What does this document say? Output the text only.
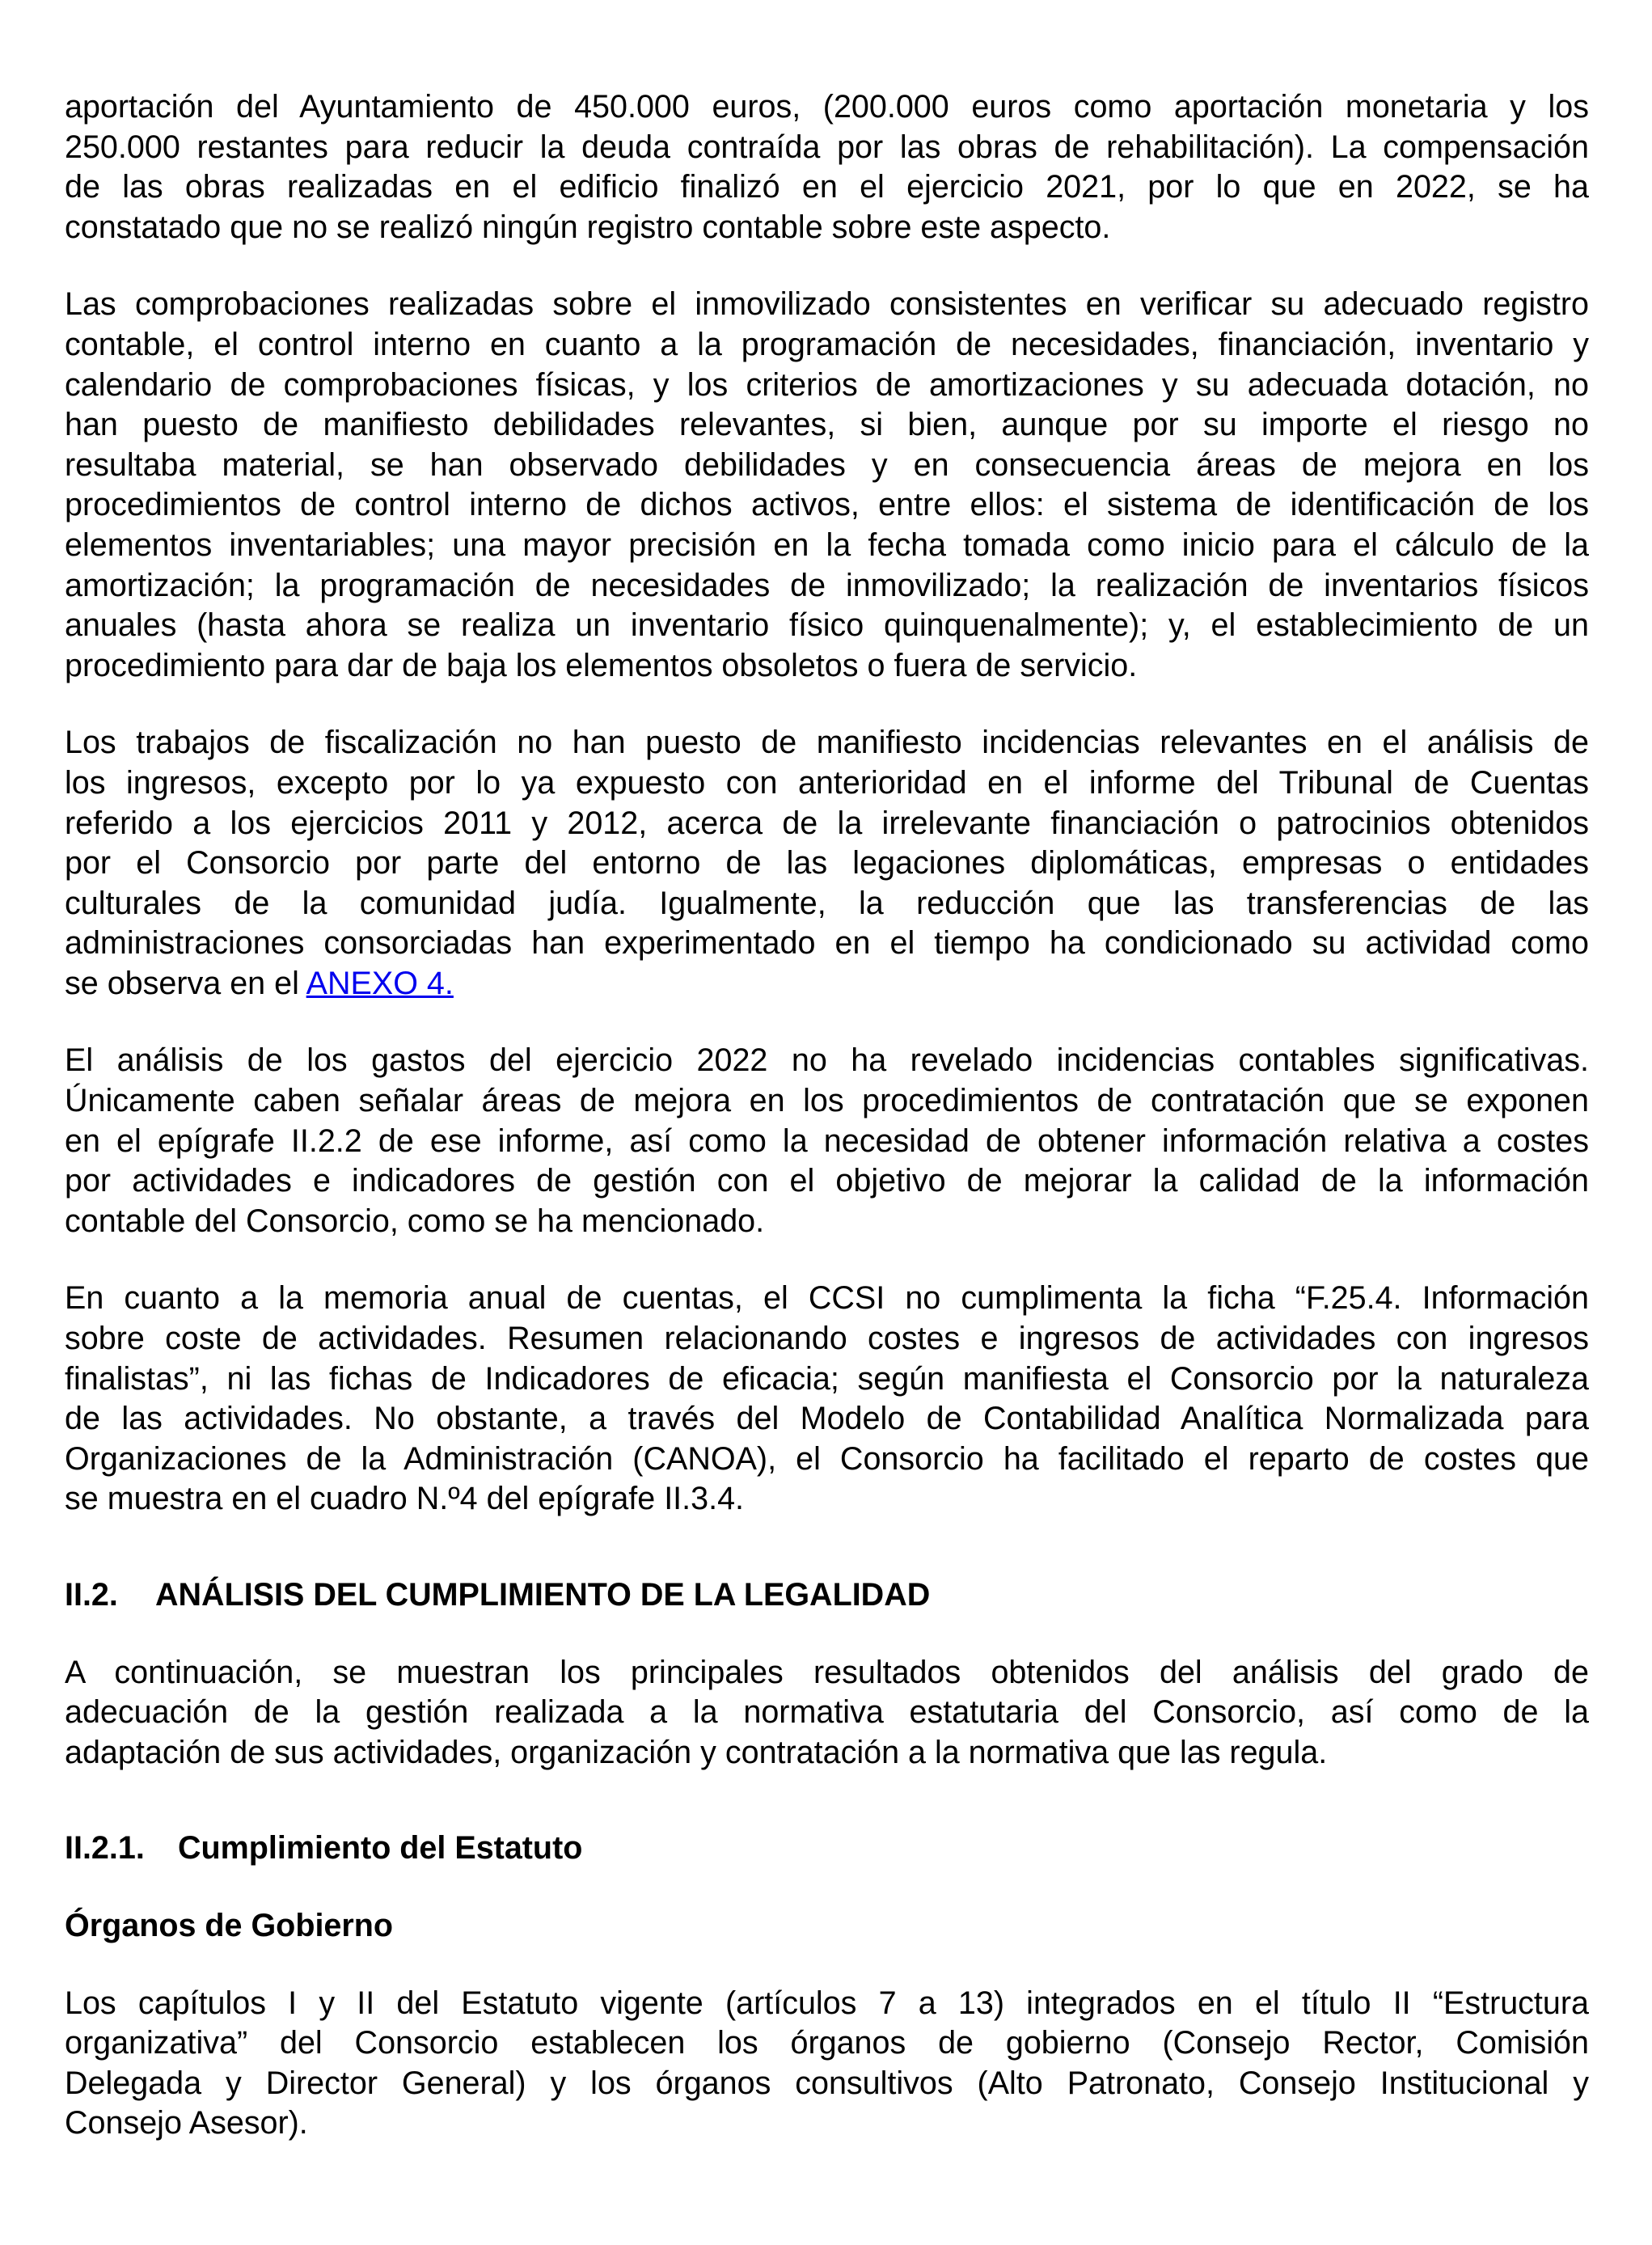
aportación del Ayuntamiento de 450.000 euros, (200.000 euros como aportación monetaria y los
250.000 restantes para reducir la deuda contraída por las obras de rehabilitación). La compensación
de las obras realizadas en el edificio finalizó en el ejercicio 2021, por lo que en 2022, se ha
constatado que no se realizó ningún registro contable sobre este aspecto.
Las comprobaciones realizadas sobre el inmovilizado consistentes en verificar su adecuado registro
contable, el control interno en cuanto a la programación de necesidades, financiación, inventario y
calendario de comprobaciones físicas, y los criterios de amortizaciones y su adecuada dotación, no
han puesto de manifiesto debilidades relevantes, si bien, aunque por su importe el riesgo no
resultaba material, se han observado debilidades y en consecuencia áreas de mejora en los
procedimientos de control interno de dichos activos, entre ellos: el sistema de identificación de los
elementos inventariables; una mayor precisión en la fecha tomada como inicio para el cálculo de la
amortización; la programación de necesidades de inmovilizado; la realización de inventarios físicos
anuales (hasta ahora se realiza un inventario físico quinquenalmente); y, el establecimiento de un
procedimiento para dar de baja los elementos obsoletos o fuera de servicio.
Los trabajos de fiscalización no han puesto de manifiesto incidencias relevantes en el análisis de
los ingresos, excepto por lo ya expuesto con anterioridad en el informe del Tribunal de Cuentas
referido a los ejercicios 2011 y 2012, acerca de la irrelevante financiación o patrocinios obtenidos
por el Consorcio por parte del entorno de las legaciones diplomáticas, empresas o entidades
culturales de la comunidad judía. Igualmente, la reducción que las transferencias de las
administraciones consorciadas han experimentado en el tiempo ha condicionado su actividad como
se observa en el ANEXO 4.
El análisis de los gastos del ejercicio 2022 no ha revelado incidencias contables significativas.
Únicamente caben señalar áreas de mejora en los procedimientos de contratación que se exponen
en el epígrafe II.2.2 de ese informe, así como la necesidad de obtener información relativa a costes
por actividades e indicadores de gestión con el objetivo de mejorar la calidad de la información
contable del Consorcio, como se ha mencionado.
En cuanto a la memoria anual de cuentas, el CCSI no cumplimenta la ficha “F.25.4. Información
sobre coste de actividades. Resumen relacionando costes e ingresos de actividades con ingresos
finalistas”, ni las fichas de Indicadores de eficacia; según manifiesta el Consorcio por la naturaleza
de las actividades. No obstante, a través del Modelo de Contabilidad Analítica Normalizada para
Organizaciones de la Administración (CANOA), el Consorcio ha facilitado el reparto de costes que
se muestra en el cuadro N.º4 del epígrafe II.3.4.
II.2. ANÁLISIS DEL CUMPLIMIENTO DE LA LEGALIDAD
A continuación, se muestran los principales resultados obtenidos del análisis del grado de
adecuación de la gestión realizada a la normativa estatutaria del Consorcio, así como de la
adaptación de sus actividades, organización y contratación a la normativa que las regula.
II.2.1. Cumplimiento del Estatuto
Órganos de Gobierno
Los capítulos I y II del Estatuto vigente (artículos 7 a 13) integrados en el título II “Estructura
organizativa” del Consorcio establecen los órganos de gobierno (Consejo Rector, Comisión
Delegada y Director General) y los órganos consultivos (Alto Patronato, Consejo Institucional y
Consejo Asesor).
